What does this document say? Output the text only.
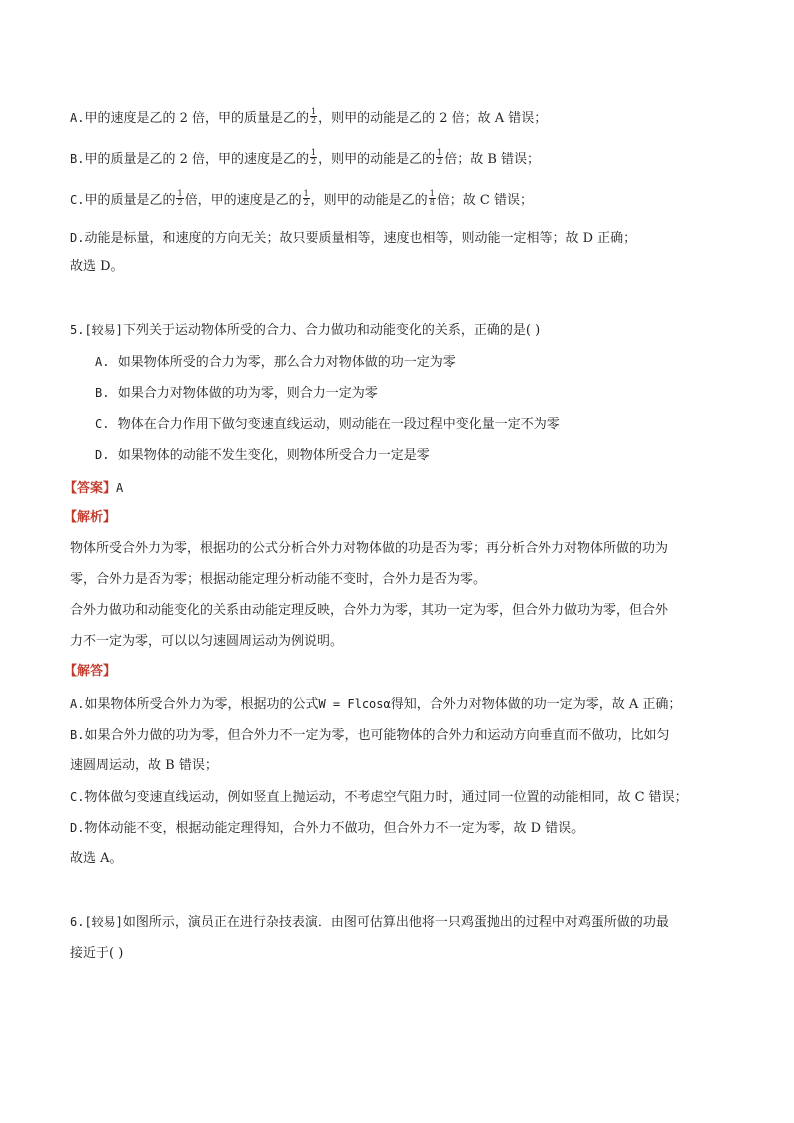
A.甲的速度是乙的 2 倍，甲的质量是乙的 $\frac{1}{2}$ ，则甲的动能是乙的 2 倍；故 A 错误；
B.甲的质量是乙的 2 倍，甲的速度是乙的 $\frac{1}{2}$ ，则甲的动能是乙的 $\frac{1}{2}$ 倍；故 B 错误；
C.甲的质量是乙的 $\frac{1}{2}$ 倍，甲的速度是乙的 $\frac{1}{2}$ ，则甲的动能是乙的 $\frac{1}{8}$ 倍；故 C 错误；
D.动能是标量，和速度的方向无关；故只要质量相等，速度也相等，则动能一定相等；故 D 正确；
故选 D。
5.[较易]下列关于运动物体所受的合力、合力做功和动能变化的关系，正确的是( )
A. 如果物体所受的合力为零，那么合力对物体做的功一定为零
B. 如果合力对物体做的功为零，则合力一定为零
C. 物体在合力作用下做匀变速直线运动，则动能在一段过程中变化量一定不为零
D. 如果物体的动能不发生变化，则物体所受合力一定是零
【答案】A
【解析】
物体所受合外力为零，根据功的公式分析合外力对物体做的功是否为零；再分析合外力对物体所做的功为
零，合外力是否为零；根据动能定理分析动能不变时，合外力是否为零。
合外力做功和动能变化的关系由动能定理反映，合外力为零，其功一定为零，但合外力做功为零，但合外
力不一定为零，可以以匀速圆周运动为例说明。
【解答】
A.如果物体所受合外力为零，根据功的公式W = Flcosα得知，合外力对物体做的功一定为零，故 A 正确；
B.如果合外力做的功为零，但合外力不一定为零，也可能物体的合外力和运动方向垂直而不做功，比如匀
速圆周运动，故 B 错误；
C.物体做匀变速直线运动，例如竖直上抛运动，不考虑空气阻力时，通过同一位置的动能相同，故 C 错误；
D.物体动能不变，根据动能定理得知，合外力不做功，但合外力不一定为零，故 D 错误。
故选 A。
6.[较易]如图所示，演员正在进行杂技表演．由图可估算出他将一只鸡蛋抛出的过程中对鸡蛋所做的功最
接近于( )
